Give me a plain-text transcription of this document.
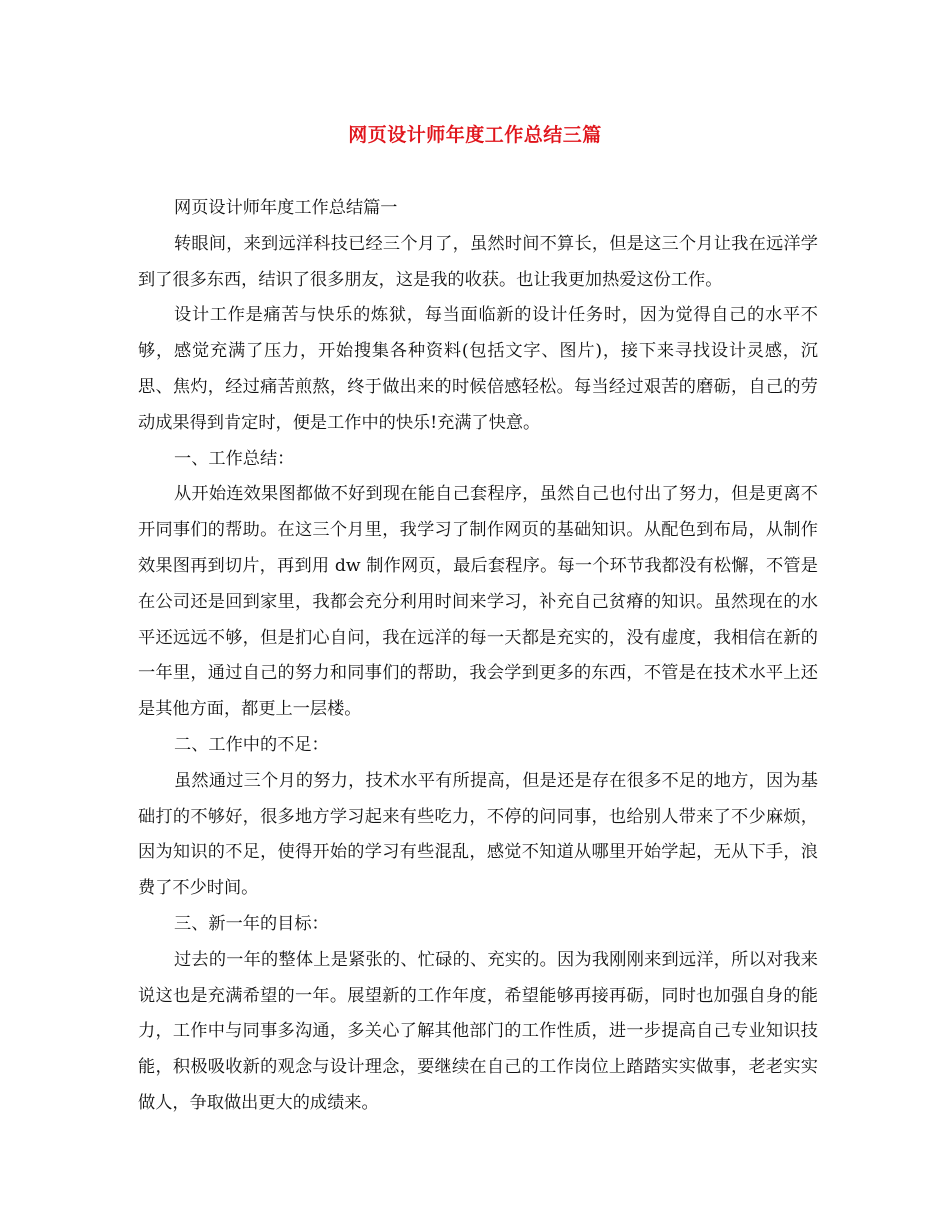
网页设计师年度工作总结三篇

网页设计师年度工作总结篇一

转眼间，来到远洋科技已经三个月了，虽然时间不算长，但是这三个月让我在远洋学到了很多东西，结识了很多朋友，这是我的收获。也让我更加热爱这份工作。

设计工作是痛苦与快乐的炼狱，每当面临新的设计任务时，因为觉得自己的水平不够，感觉充满了压力，开始搜集各种资料(包括文字、图片)，接下来寻找设计灵感，沉思、焦灼，经过痛苦煎熬，终于做出来的时候倍感轻松。每当经过艰苦的磨砺，自己的劳动成果得到肯定时，便是工作中的快乐!充满了快意。

一、工作总结：

从开始连效果图都做不好到现在能自己套程序，虽然自己也付出了努力，但是更离不开同事们的帮助。在这三个月里，我学习了制作网页的基础知识。从配色到布局，从制作效果图再到切片，再到用 dw 制作网页，最后套程序。每一个环节我都没有松懈，不管是在公司还是回到家里，我都会充分利用时间来学习，补充自己贫瘠的知识。虽然现在的水平还远远不够，但是扪心自问，我在远洋的每一天都是充实的，没有虚度，我相信在新的一年里，通过自己的努力和同事们的帮助，我会学到更多的东西，不管是在技术水平上还是其他方面，都更上一层楼。

二、工作中的不足：

虽然通过三个月的努力，技术水平有所提高，但是还是存在很多不足的地方，因为基础打的不够好，很多地方学习起来有些吃力，不停的问同事，也给别人带来了不少麻烦，因为知识的不足，使得开始的学习有些混乱，感觉不知道从哪里开始学起，无从下手，浪费了不少时间。

三、新一年的目标：

过去的一年的整体上是紧张的、忙碌的、充实的。因为我刚刚来到远洋，所以对我来说这也是充满希望的一年。展望新的工作年度，希望能够再接再砺，同时也加强自身的能力，工作中与同事多沟通，多关心了解其他部门的工作性质，进一步提高自己专业知识技能，积极吸收新的观念与设计理念，要继续在自己的工作岗位上踏踏实实做事，老老实实做人，争取做出更大的成绩来。
